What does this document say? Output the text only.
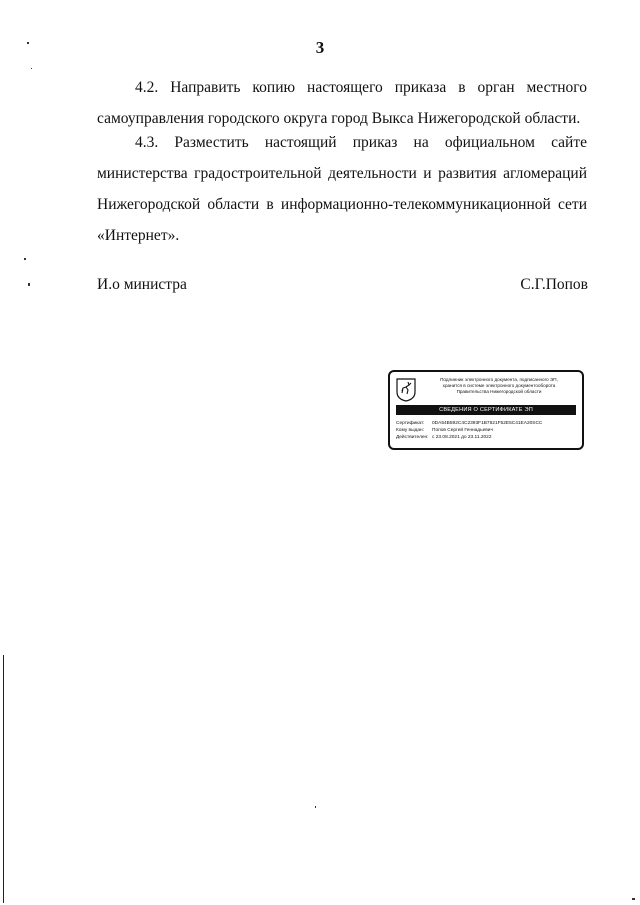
3

4.2. Направить копию настоящего приказа в орган местного самоуправления городского округа город Выкса Нижегородской области.

4.3. Разместить настоящий приказ на официальном сайте министерства градостроительной деятельности и развития агломераций Нижегородской области в информационно-телекоммуникационной сети «Интернет».

И.о министра	С.Г.Попов
Подлинник электронного документа, подписанного ЭП,
хранится в системе электронного документооборота
Правительства Нижегородской области
СВЕДЕНИЯ О СЕРТИФИКАТЕ ЭП
Сертификат: 0DA54B592C4C2393F1B7621F52E5C41EA20SCC
Кому выдан: Попов Сергей Геннадьевич
Действителен: с 23.08.2021 до 23.11.2022
